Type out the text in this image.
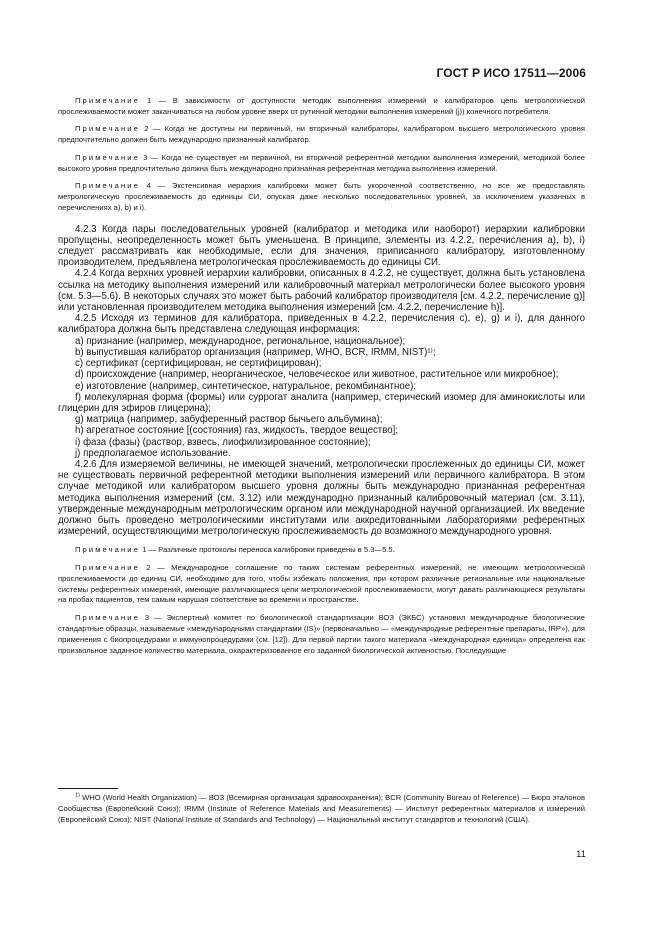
ГОСТ Р ИСО 17511—2006

Примечание 1 — В зависимости от доступности методик выполнения измерений и калибраторов цепь метрологической прослеживаемости может заканчиваться на любом уровне вверх от рутинной методики выполнения измерений (j)) конечного потребителя.

Примечание 2 — Когда не доступны ни первичный, ни вторичный калибраторы, калибратором высшего метрологического уровня предпочтительно должен быть международно признанный калибратор.

Примечание 3 — Когда не существует ни первичной, ни вторичной референтной методики выполнения измерений, методикой более высокого уровня предпочтительно должна быть международно признанная референтная методика выполнения измерений.

Примечание 4 — Экстенсивная иерархия калибровки может быть укороченной соответственно, но все же предоставлять метрологическую прослеживаемость до единицы СИ, опуская даже несколько последовательных уровней, за исключением указанных в перечислениях а), b) и i).

4.2.3 Когда пары последовательных уровней (калибратор и методика или наоборот) иерархии калибровки пропущены, неопределенность может быть уменьшена. В принципе, элементы из 4.2.2, перечисления а), b), i) следует рассматривать как необходимые, если для значения, приписанного калибратору, изготовленному производителем, предъявлена метрологическая прослеживаемость до единицы СИ.

4.2.4 Когда верхних уровней иерархии калибровки, описанных в 4.2.2, не существует, должна быть установлена ссылка на методику выполнения измерений или калибровочный материал метрологически более высокого уровня (см. 5.3—5.6). В некоторых случаях это может быть рабочий калибратор производителя [см. 4.2.2, перечисление g)] или установленная производителем методика выполнения измерений [см. 4.2.2, перечисление h)].

4.2.5 Исходя из терминов для калибратора, приведенных в 4.2.2, перечисления c), e), g) и i), для данного калибратора должна быть представлена следующая информация:

a) признание (например, международное, региональное, национальное);

b) выпустившая калибратор организация (например, WHO, BCR, IRMM, NIST)¹⁾;

c) сертификат (сертифицирован, не сертифицирован);

d) происхождение (например, неорганическое, человеческое или животное, растительное или микробное);

e) изготовление (например, синтетическое, натуральное, рекомбинантное);

f) молекулярная форма (формы) или суррогат аналита (например, стерический изомер для аминокислоты или глицерин для эфиров глицерина);

g) матрица (например, забуференный раствор бычьего альбумина);

h) агрегатное состояние [(состояния) газ, жидкость, твердое вещество];

i) фаза (фазы) (раствор, взвесь, лиофилизированное состояние);

j) предполагаемое использование.

4.2.6 Для измеряемой величины, не имеющей значений, метрологически прослеженных до единицы СИ, может не существовать первичной референтной методики выполнения измерений или первичного калибратора. В этом случае методикой или калибратором высшего уровня должны быть международно признанная референтная методика выполнения измерений (см. 3.12) или международно признанный калибровочный материал (см. 3.11), утвержденные международным метрологическим органом или международной научной организацией. Их введение должно быть проведено метрологическими институтами или аккредитованными лабораториями референтных измерений, осуществляющими метрологическую прослеживаемость до возможного международного уровня.

Примечание 1 — Различные протоколы переноса калибровки приведены в 5.3—5.5.

Примечание 2 — Международное соглашение по таким системам референтных измерений, не имеющим метрологической прослеживаемости до единиц СИ, необходимо для того, чтобы избежать положения, при котором различные региональные или национальные системы референтных измерений, имеющие различающиеся цепи метрологической прослеживаемости, могут давать различающиеся результаты на пробах пациентов, тем самым нарушая соответствие во времени и пространстве.

Примечание 3 — Экспертный комитет по биологической стандартизации ВОЗ (ЭКБС) установил международные биологические стандартные образцы, называемые «международными стандартами (IS)» (первоначально — «международные референтные препараты, IRP»), для применения с биопроцедурами и иммунопроцедурами (см. [12]). Для первой партии такого материала «международная единица» определена как произвольное заданное количество материала, охарактеризованное его заданной биологической активностью. Последующие

$^{1)}$ WHO (World Health Organization) — ВОЗ (Всемирная организация здравоохранения); BCR (Community Bureau of Reference) — Бюро эталонов Сообщества (Европейский Союз); IRMM (Institute of Reference Materials and Measurements) — Институт референтных материалов и измерений (Европейский Союз); NIST (National Institute of Standards and Technology) — Национальный институт стандартов и технологий (США).

11
